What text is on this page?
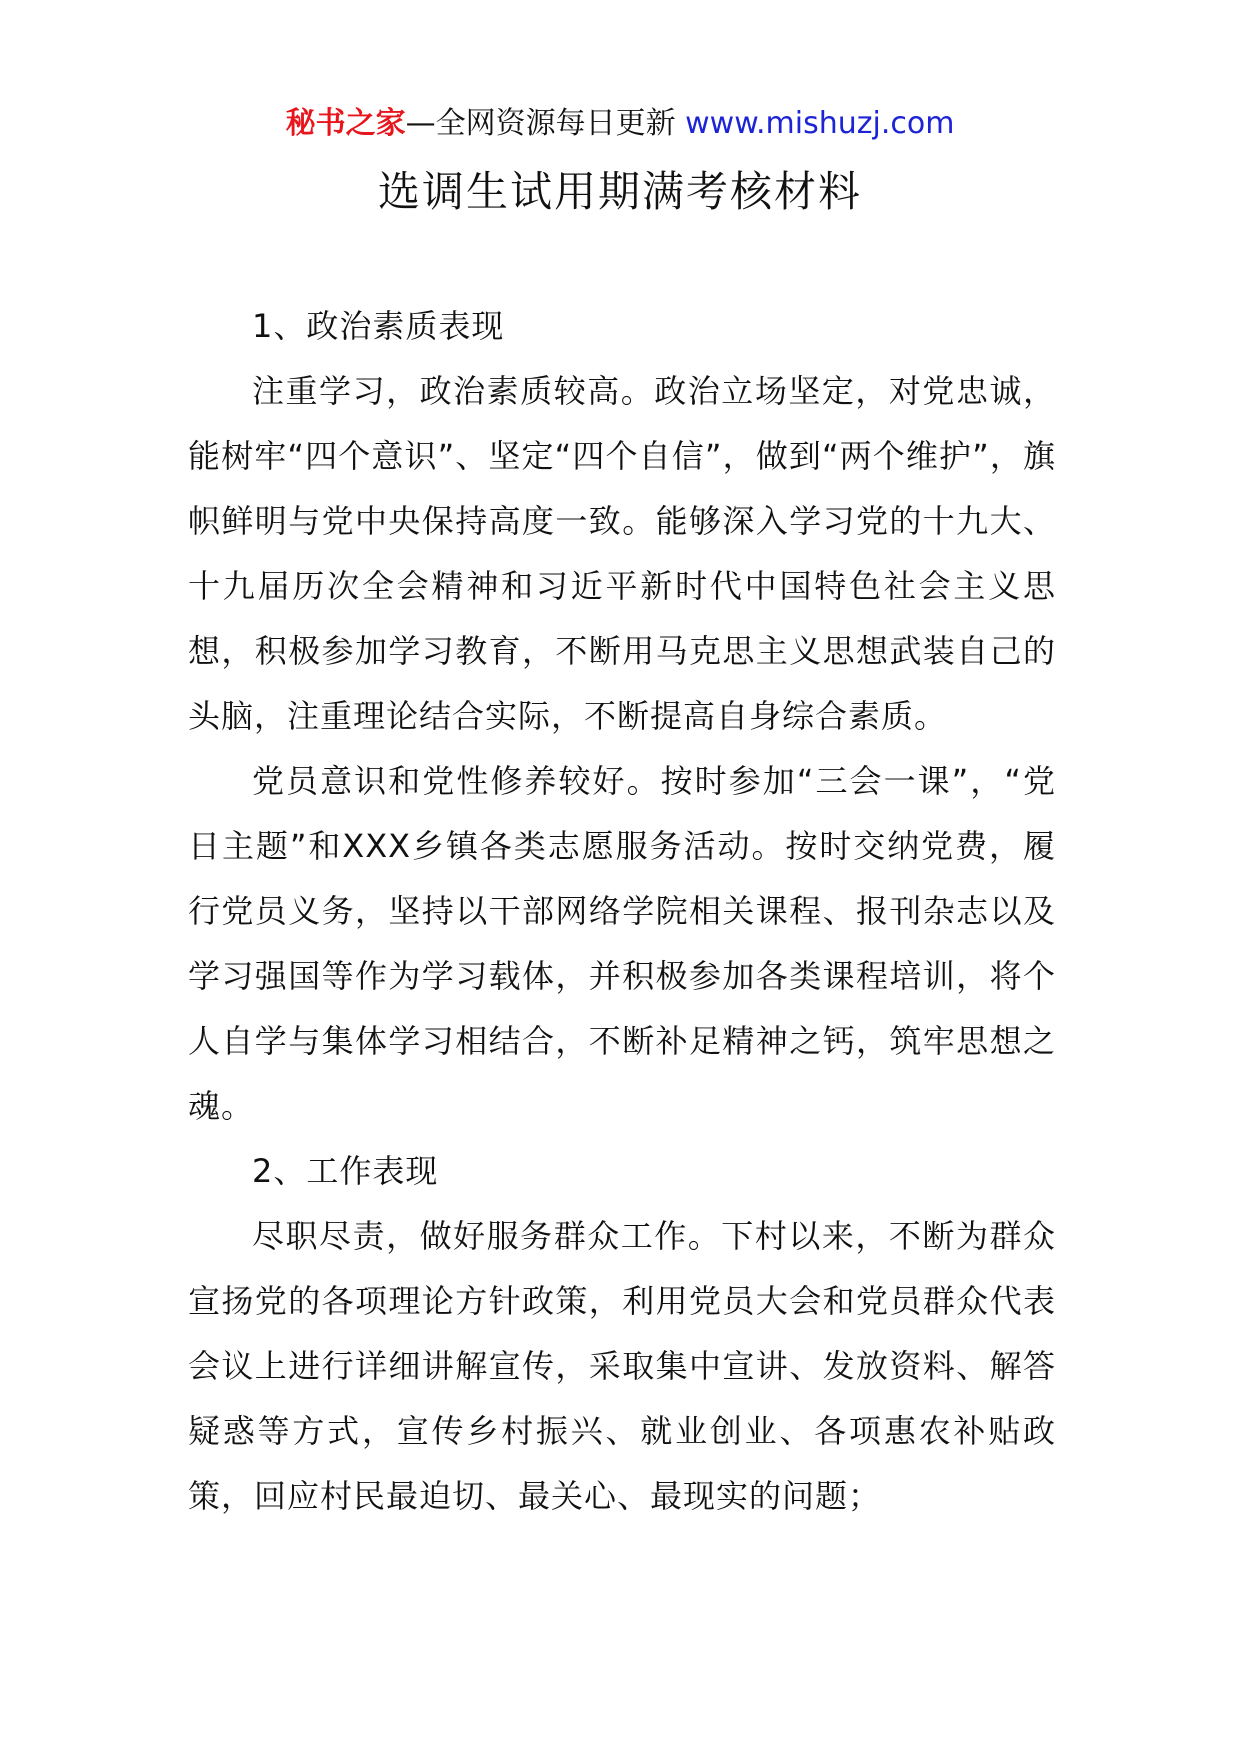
秘书之家—全网资源每日更新 www.mishuzj.com
选调生试用期满考核材料

1、政治素质表现

注重学习，政治素质较高。政治立场坚定，对党忠诚，能树牢“四个意识”、坚定“四个自信”，做到“两个维护”，旗帜鲜明与党中央保持高度一致。能够深入学习党的十九大、十九届历次全会精神和习近平新时代中国特色社会主义思想，积极参加学习教育，不断用马克思主义思想武装自己的头脑，注重理论结合实际，不断提高自身综合素质。

党员意识和党性修养较好。按时参加“三会一课”，“党日主题”和XXX乡镇各类志愿服务活动。按时交纳党费，履行党员义务，坚持以干部网络学院相关课程、报刊杂志以及学习强国等作为学习载体，并积极参加各类课程培训，将个人自学与集体学习相结合，不断补足精神之钙，筑牢思想之魂。

2、工作表现

尽职尽责，做好服务群众工作。下村以来，不断为群众宣扬党的各项理论方针政策，利用党员大会和党员群众代表会议上进行详细讲解宣传，采取集中宣讲、发放资料、解答疑惑等方式，宣传乡村振兴、就业创业、各项惠农补贴政策，回应村民最迫切、最关心、最现实的问题；
